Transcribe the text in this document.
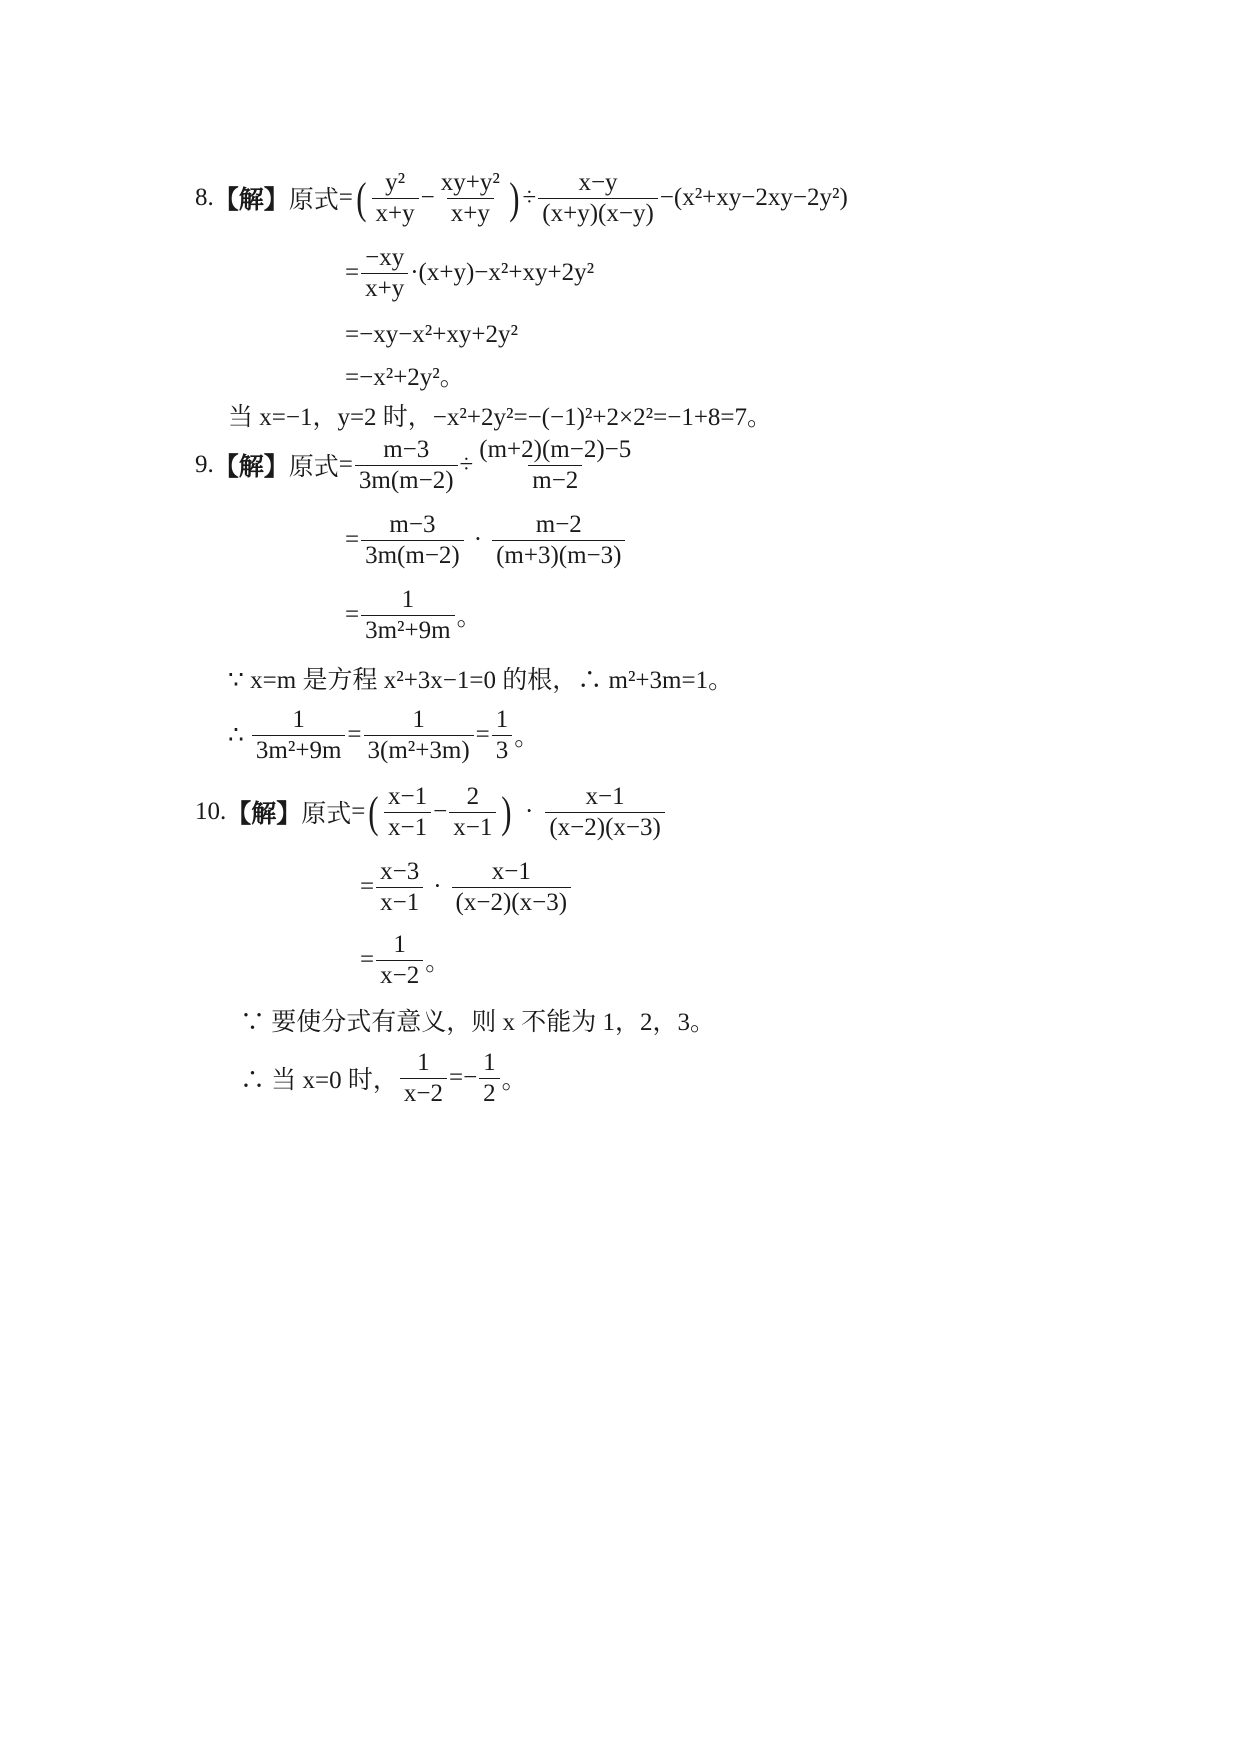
8. 【解】 原式 = ( $\frac{\text{y²}}{x+y} - \frac{\text{xy+y²}}{x+y}$ ) ÷ $\frac{x-y}{(x+y)(x-y)} -(x^2+xy-2xy-2y^2)$
= $\frac{-xy}{x+y} \cdot(x+y)-x^2+xy+2y^2$
=−xy−x²+xy+2y²
=−x²+2y²。
当 x=−1，y=2 时，−x²+2y²=−(−1)²+2×2²=−1+8=7。
9. 【解】 原式 = $\frac{m-3}{3m(m-2)} \div \frac{(m+2)(m-2)-5}{m-2}$
= $\frac{m-3}{3m(m-2)} \cdot \frac{m-2}{(m+3)(m-3)}$
= $\frac{1}{\text{3m²+9m}}$ 。
∵ x=m 是方程 x²+3x−1=0 的根，∴ m²+3m=1。
∴ $\frac{1}{\text{3m²+9m}} = \frac{1}{\text{3(m²+3m)}} = \frac{1}{3}$ 。
10. 【解】 原式 = ( $\frac{x-1}{x-1} - \frac{2}{x-1}$ ) · $\frac{x-1}{(x-2)(x-3)}$
= $\frac{x-3}{x-1} \cdot \frac{x-1}{(x-2)(x-3)}$
= $\frac{1}{x-2}$ 。
∵ 要使分式有意义，则 x 不能为 1，2，3。
∴ 当 x=0 时， $\frac{1}{x-2} =- \frac{1}{2}$ 。
